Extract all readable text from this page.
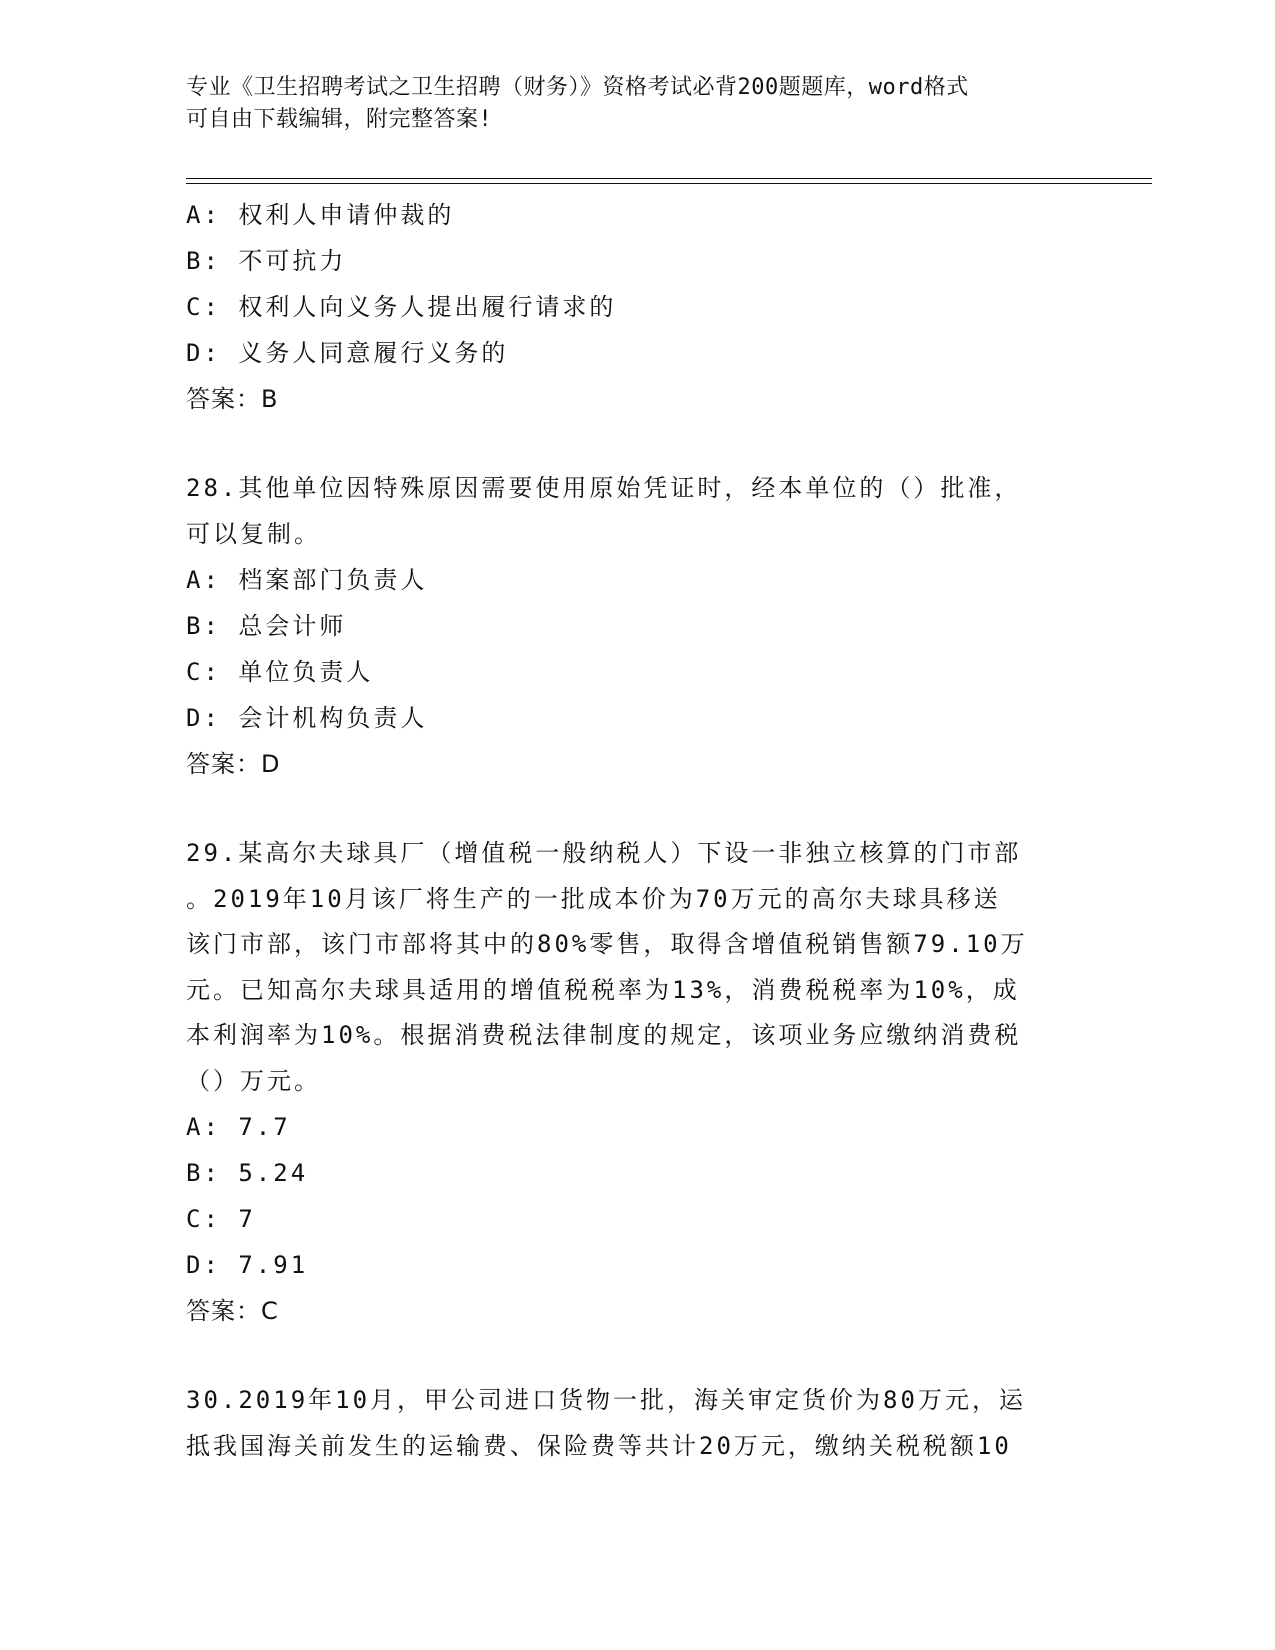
专业《卫生招聘考试之卫生招聘（财务）》资格考试必背200题题库，word格式
可自由下载编辑，附完整答案!
A: 权利人申请仲裁的
B: 不可抗力
C: 权利人向义务人提出履行请求的
D: 义务人同意履行义务的
答案：B
28.其他单位因特殊原因需要使用原始凭证时，经本单位的（）批准，
可以复制。
A: 档案部门负责人
B: 总会计师
C: 单位负责人
D: 会计机构负责人
答案：D
29.某高尔夫球具厂（增值税一般纳税人）下设一非独立核算的门市部
。2019年10月该厂将生产的一批成本价为70万元的高尔夫球具移送
该门市部，该门市部将其中的80%零售，取得含增值税销售额79.10万
元。已知高尔夫球具适用的增值税税率为13%，消费税税率为10%，成
本利润率为10%。根据消费税法律制度的规定，该项业务应缴纳消费税
（）万元。
A: 7.7
B: 5.24
C: 7
D: 7.91
答案：C
30.2019年10月，甲公司进口货物一批，海关审定货价为80万元，运
抵我国海关前发生的运输费、保险费等共计20万元，缴纳关税税额10
